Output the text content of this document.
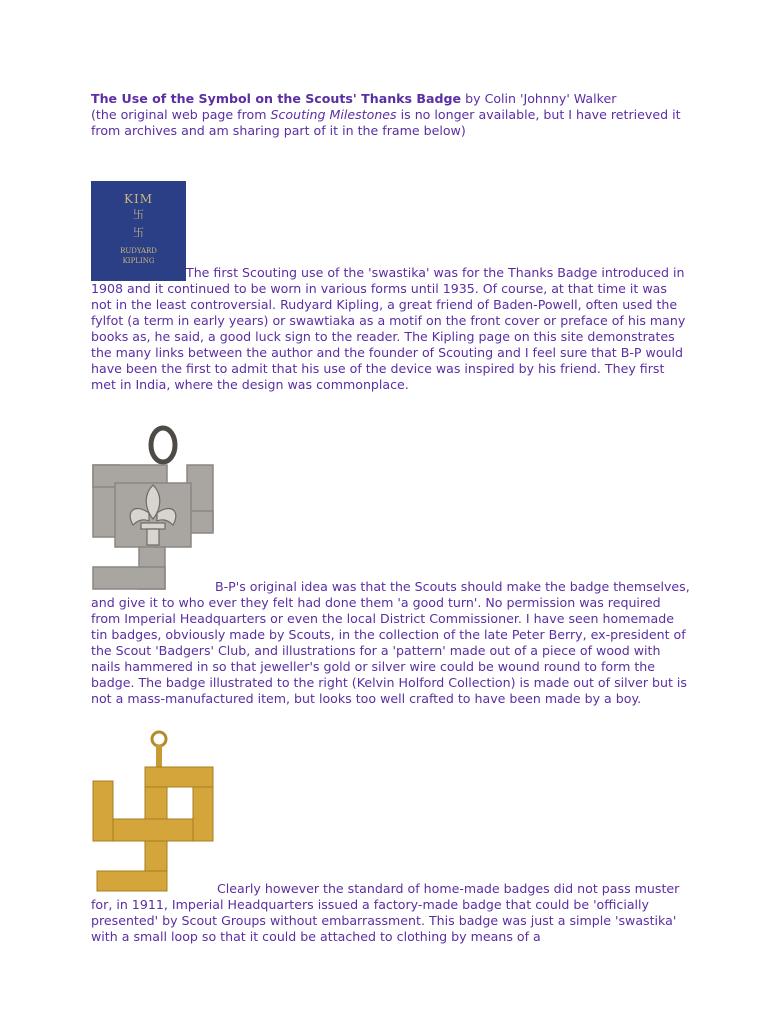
The Use of the Symbol on the Scouts' Thanks Badge by Colin 'Johnny' Walker
(the original web page from Scouting Milestones is no longer available, but I have retrieved it from archives and am sharing part of it in the frame below)

KIM
卐
卐
RUDYARD
KIPLING
The first Scouting use of the 'swastika' was for the Thanks Badge introduced in 1908 and it continued to be worn in various forms until 1935. Of course, at that time it was not in the least controversial. Rudyard Kipling, a great friend of Baden-Powell, often used the fylfot (a term in early years) or swawtiaka as a motif on the front cover or preface of his many books as, he said, a good luck sign to the reader. The Kipling page on this site demonstrates the many links between the author and the founder of Scouting and I feel sure that B-P would have been the first to admit that his use of the device was inspired by his friend. They first met in India, where the design was commonplace.

B-P's original idea was that the Scouts should make the badge themselves, and give it to who ever they felt had done them 'a good turn'. No permission was required from Imperial Headquarters or even the local District Commissioner. I have seen homemade tin badges, obviously made by Scouts, in the collection of the late Peter Berry, ex-president of the Scout 'Badgers' Club, and illustrations for a 'pattern' made out of a piece of wood with nails hammered in so that jeweller's gold or silver wire could be wound round to form the badge. The badge illustrated to the right (Kelvin Holford Collection) is made out of silver but is not a mass-manufactured item, but looks too well crafted to have been made by a boy.

Clearly however the standard of home-made badges did not pass muster for, in 1911, Imperial Headquarters issued a factory-made badge that could be 'officially presented' by Scout Groups without embarrassment. This badge was just a simple 'swastika' with a small loop so that it could be attached to clothing by means of a
